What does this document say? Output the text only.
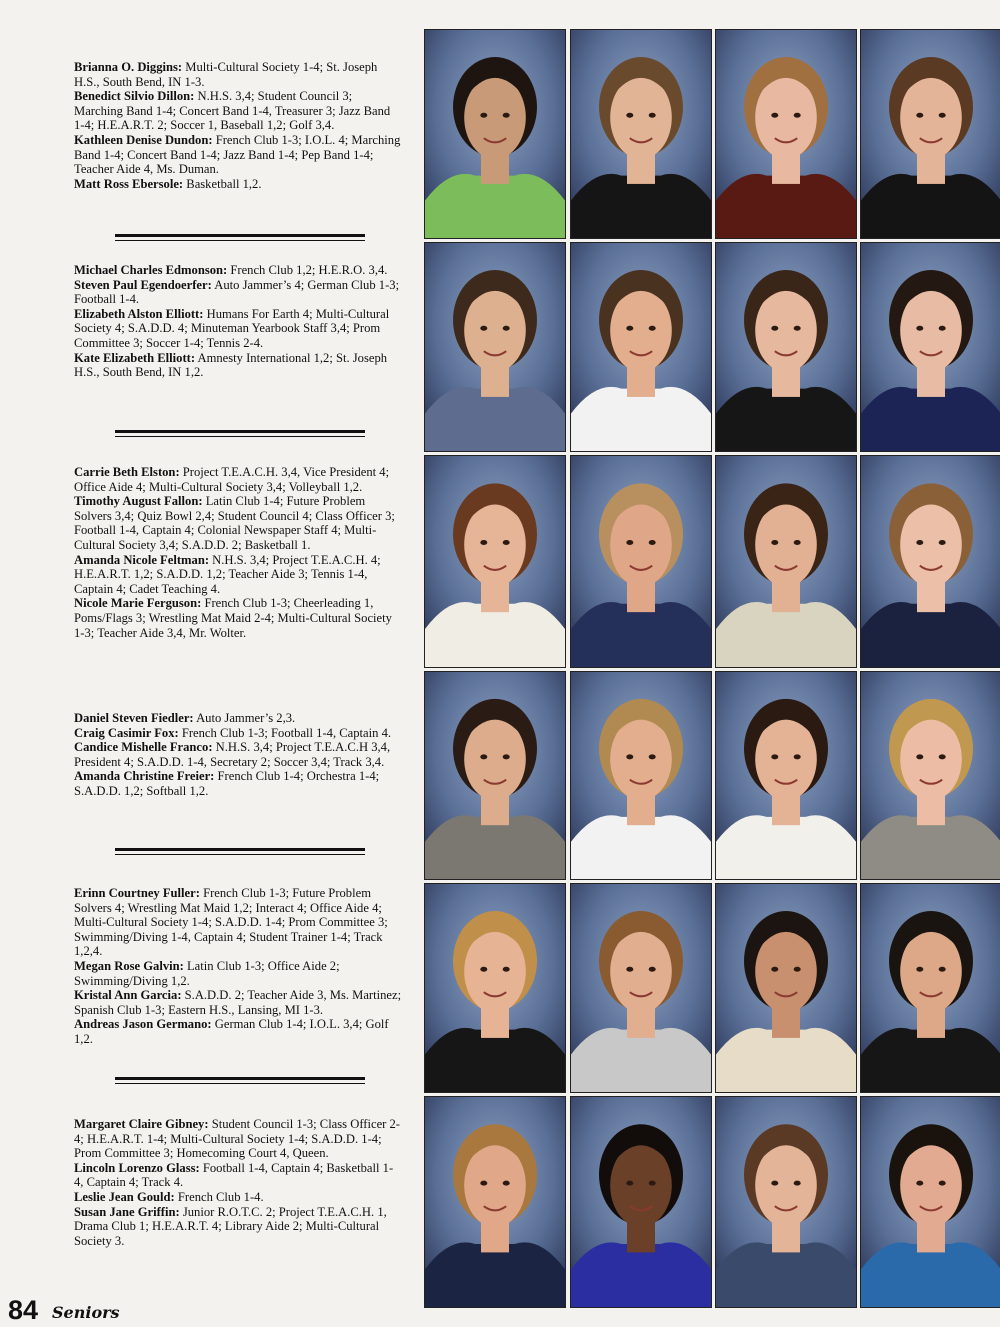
Brianna O. Diggins: Multi-Cultural Society 1-4; St. Joseph H.S., South Bend, IN 1-3.

Benedict Silvio Dillon: N.H.S. 3,4; Student Council 3; Marching Band 1-4; Concert Band 1-4, Treasurer 3; Jazz Band 1-4; H.E.A.R.T. 2; Soccer 1, Baseball 1,2; Golf 3,4.

Kathleen Denise Dundon: French Club 1-3; I.O.L. 4; Marching Band 1-4; Concert Band 1-4; Jazz Band 1-4; Pep Band 1-4; Teacher Aide 4, Ms. Duman.

Matt Ross Ebersole: Basketball 1,2.

Michael Charles Edmonson: French Club 1,2; H.E.R.O. 3,4.

Steven Paul Egendoerfer: Auto Jammer’s 4; German Club 1-3; Football 1-4.

Elizabeth Alston Elliott: Humans For Earth 4; Multi-Cultural Society 4; S.A.D.D. 4; Minuteman Yearbook Staff 3,4; Prom Committee 3; Soccer 1-4; Tennis 2-4.

Kate Elizabeth Elliott: Amnesty International 1,2; St. Joseph H.S., South Bend, IN 1,2.

Carrie Beth Elston: Project T.E.A.C.H. 3,4, Vice President 4; Office Aide 4; Multi-Cultural Society 3,4; Volleyball 1,2.

Timothy August Fallon: Latin Club 1-4; Future Problem Solvers 3,4; Quiz Bowl 2,4; Student Council 4; Class Officer 3; Football 1-4, Captain 4; Colonial Newspaper Staff 4; Multi-Cultural Society 3,4; S.A.D.D. 2; Basketball 1.

Amanda Nicole Feltman: N.H.S. 3,4; Project T.E.A.C.H. 4; H.E.A.R.T. 1,2; S.A.D.D. 1,2; Teacher Aide 3; Tennis 1-4, Captain 4; Cadet Teaching 4.

Nicole Marie Ferguson: French Club 1-3; Cheerleading 1, Poms/Flags 3; Wrestling Mat Maid 2-4; Multi-Cultural Society 1-3; Teacher Aide 3,4, Mr. Wolter.

Daniel Steven Fiedler: Auto Jammer’s 2,3.

Craig Casimir Fox: French Club 1-3; Football 1-4, Captain 4.

Candice Mishelle Franco: N.H.S. 3,4; Project T.E.A.C.H 3,4, President 4; S.A.D.D. 1-4, Secretary 2; Soccer 3,4; Track 3,4.

Amanda Christine Freier: French Club 1-4; Orchestra 1-4; S.A.D.D. 1,2; Softball 1,2.

Erinn Courtney Fuller: French Club 1-3; Future Problem Solvers 4; Wrestling Mat Maid 1,2; Interact 4; Office Aide 4; Multi-Cultural Society 1-4; S.A.D.D. 1-4; Prom Committee 3; Swimming/Diving 1-4, Captain 4; Student Trainer 1-4; Track 1,2,4.

Megan Rose Galvin: Latin Club 1-3; Office Aide 2; Swimming/Diving 1,2.

Kristal Ann Garcia: S.A.D.D. 2; Teacher Aide 3, Ms. Martinez; Spanish Club 1-3; Eastern H.S., Lansing, MI 1-3.

Andreas Jason Germano: German Club 1-4; I.O.L. 3,4; Golf 1,2.

Margaret Claire Gibney: Student Council 1-3; Class Officer 2-4; H.E.A.R.T. 1-4; Multi-Cultural Society 1-4; S.A.D.D. 1-4; Prom Committee 3; Homecoming Court 4, Queen.

Lincoln Lorenzo Glass: Football 1-4, Captain 4; Basketball 1-4, Captain 4; Track 4.

Leslie Jean Gould: French Club 1-4.

Susan Jane Griffin: Junior R.O.T.C. 2; Project T.E.A.C.H. 1, Drama Club 1; H.E.A.R.T. 4; Library Aide 2; Multi-Cultural Society 3.

84 Seniors
